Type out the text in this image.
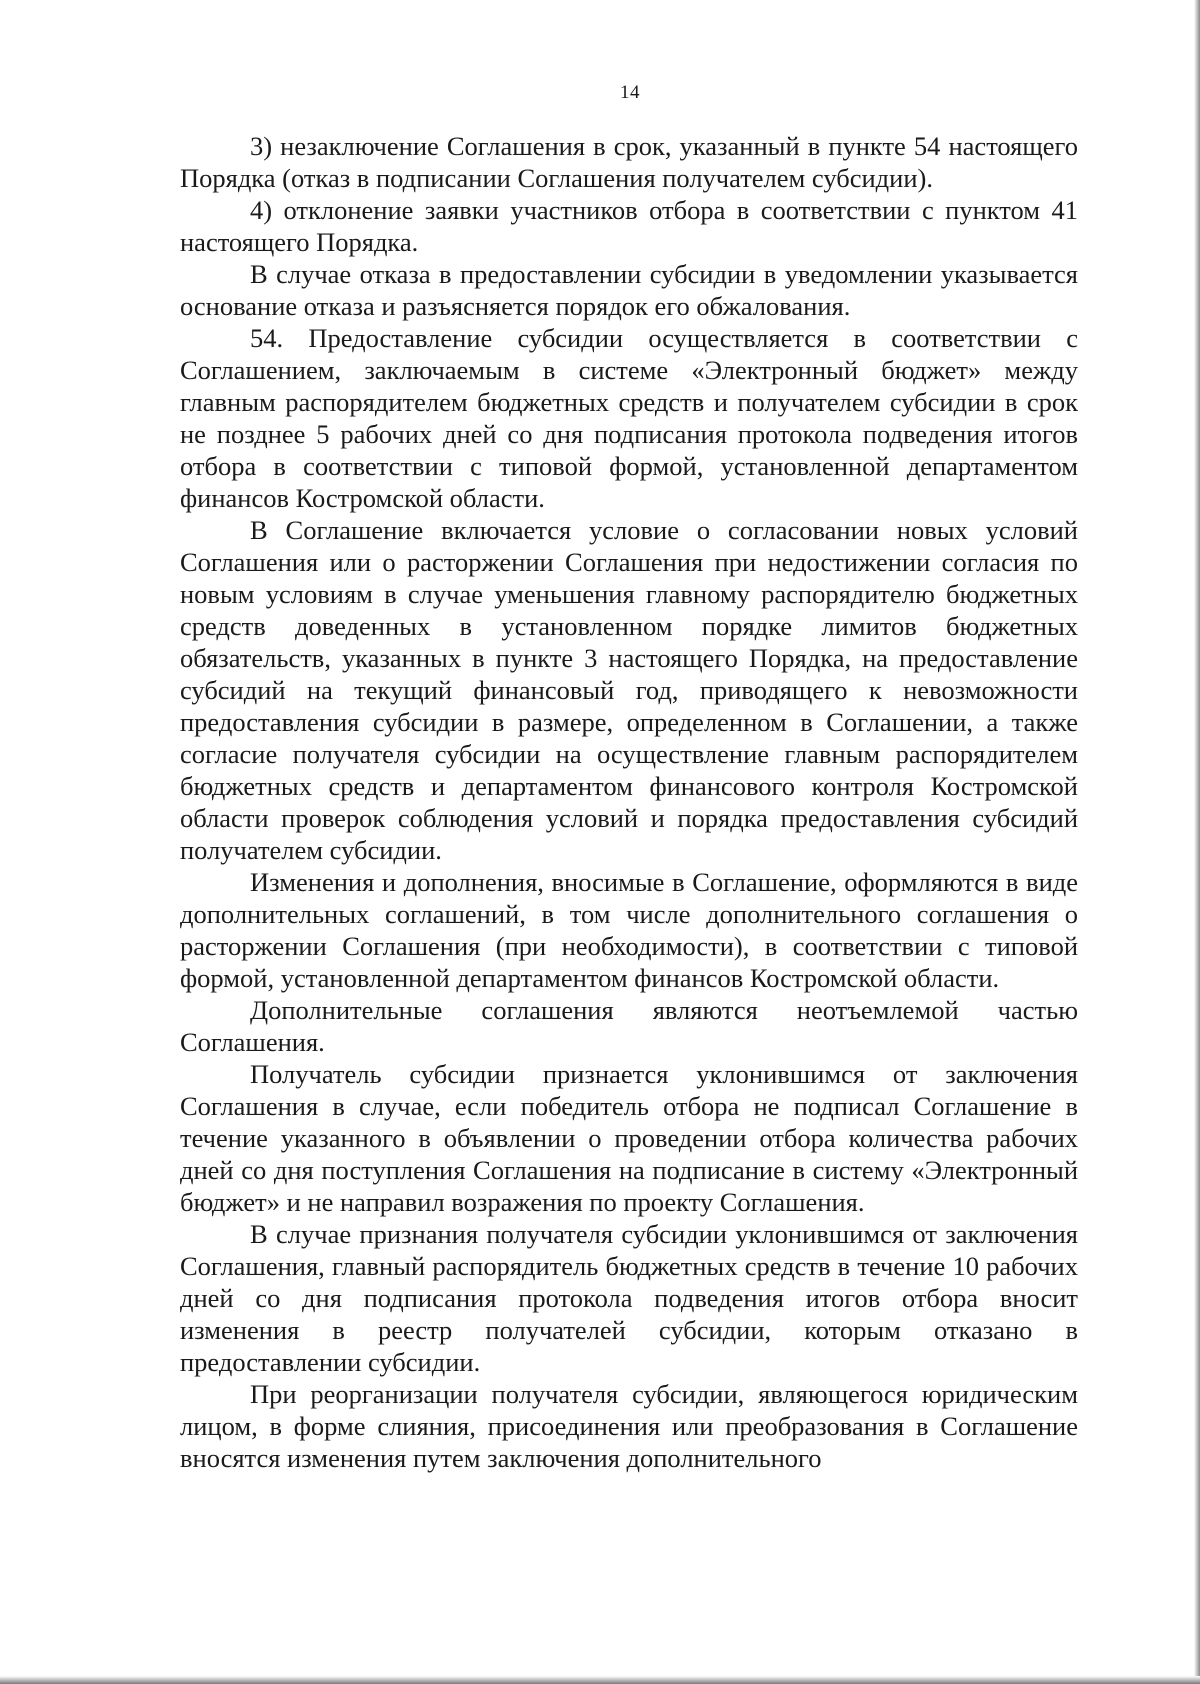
14

3) незаключение Соглашения в срок, указанный в пункте 54 настоящего Порядка (отказ в подписании Соглашения получателем субсидии).

4) отклонение заявки участников отбора в соответствии с пунктом 41 настоящего Порядка.

В случае отказа в предоставлении субсидии в уведомлении указывается основание отказа и разъясняется порядок его обжалования.

54. Предоставление субсидии осуществляется в соответствии с Соглашением, заключаемым в системе «Электронный бюджет» между главным распорядителем бюджетных средств и получателем субсидии в срок не позднее 5 рабочих дней со дня подписания протокола подведения итогов отбора в соответствии с типовой формой, установленной департаментом финансов Костромской области.

В Соглашение включается условие о согласовании новых условий Соглашения или о расторжении Соглашения при недостижении согласия по новым условиям в случае уменьшения главному распорядителю бюджетных средств доведенных в установленном порядке лимитов бюджетных обязательств, указанных в пункте 3 настоящего Порядка, на предоставление субсидий на текущий финансовый год, приводящего к невозможности предоставления субсидии в размере, определенном в Соглашении, а также согласие получателя субсидии на осуществление главным распорядителем бюджетных средств и департаментом финансового контроля Костромской области проверок соблюдения условий и порядка предоставления субсидий получателем субсидии.

Изменения и дополнения, вносимые в Соглашение, оформляются в виде дополнительных соглашений, в том числе дополнительного соглашения о расторжении Соглашения (при необходимости), в соответствии с типовой формой, установленной департаментом финансов Костромской области.

Дополнительные соглашения являются неотъемлемой частью Соглашения.

Получатель субсидии признается уклонившимся от заключения Соглашения в случае, если победитель отбора не подписал Соглашение в течение указанного в объявлении о проведении отбора количества рабочих дней со дня поступления Соглашения на подписание в систему «Электронный бюджет» и не направил возражения по проекту Соглашения.

В случае признания получателя субсидии уклонившимся от заключения Соглашения, главный распорядитель бюджетных средств в течение 10 рабочих дней со дня подписания протокола подведения итогов отбора вносит изменения в реестр получателей субсидии, которым отказано в предоставлении субсидии.

При реорганизации получателя субсидии, являющегося юридическим лицом, в форме слияния, присоединения или преобразования в Соглашение вносятся изменения путем заключения дополнительного
